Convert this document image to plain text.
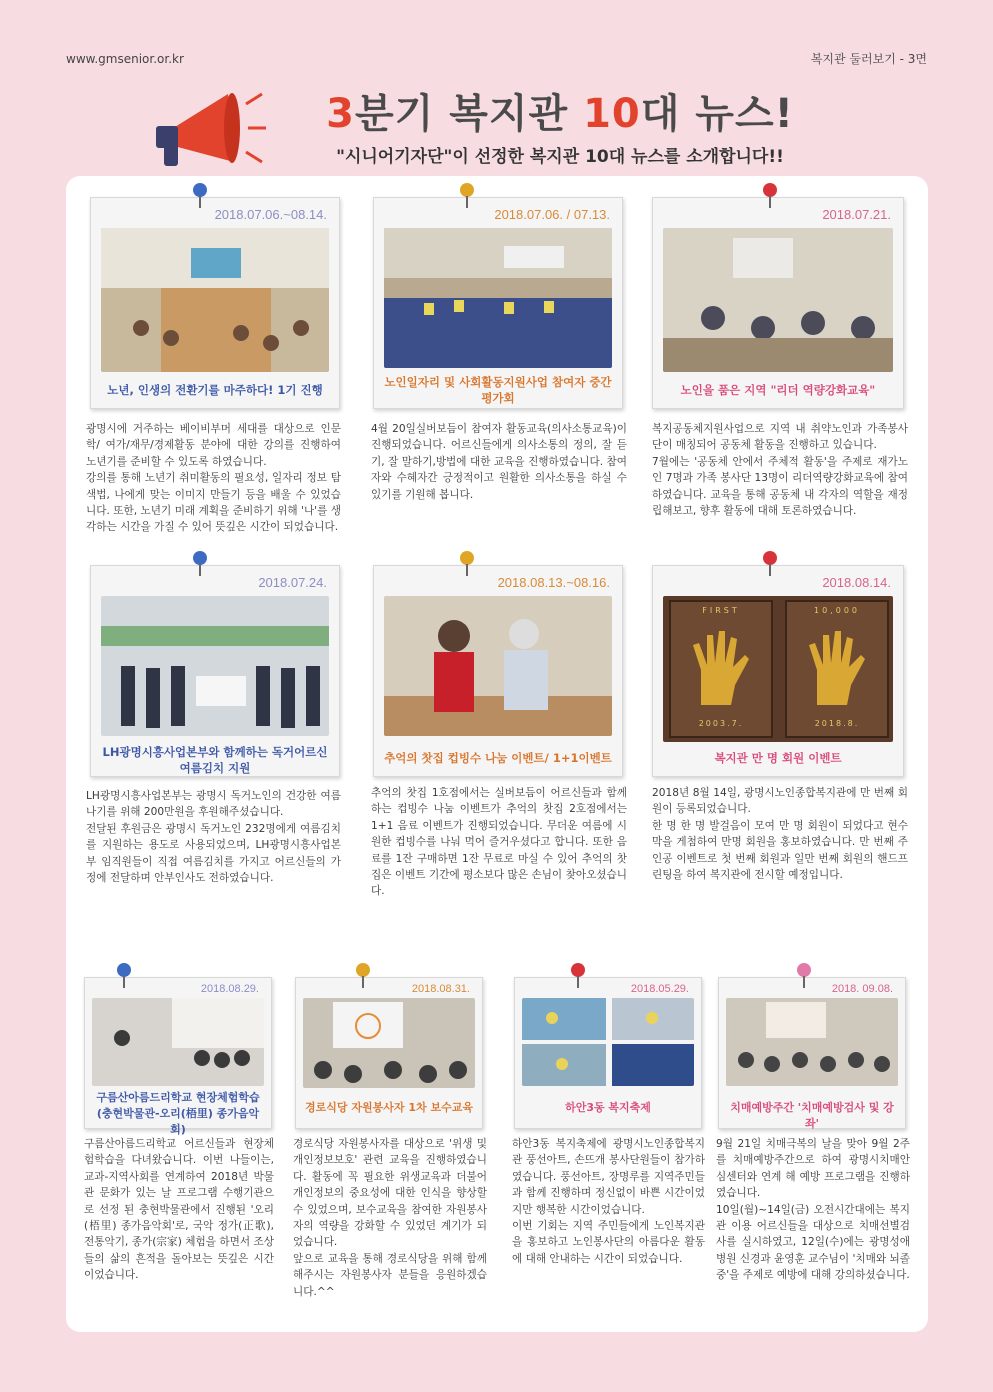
www.gmsenior.or.kr	복지관 둘러보기 - 3면
3분기 복지관 10대 뉴스!
"시니어기자단"이 선정한 복지관 10대 뉴스를 소개합니다!!
2018.07.06.~08.14.
노년, 인생의 전환기를 마주하다! 1기 진행
광명시에 거주하는 베이비부머 세대를 대상으로 인문학/ 여가/재무/경제활동 분야에 대한 강의를 진행하여 노년기를 준비할 수 있도록 하였습니다.
강의를 통해 노년기 취미활동의 필요성, 일자리 정보 탐색법, 나에게 맞는 이미지 만들기 등을 배울 수 있었습니다. 또한, 노년기 미래 계획을 준비하기 위해 '나'를 생각하는 시간을 가질 수 있어 뜻깊은 시간이 되었습니다.
2018.07.06. / 07.13.
노인일자리 및 사회활동지원사업 참여자 중간평가회
4월 20일실버보듬이 참여자 활동교육(의사소통교육)이 진행되었습니다. 어르신들에게 의사소통의 정의, 잘 듣기, 잘 말하기,방법에 대한 교육을 진행하였습니다. 참여자와 수혜자간 긍정적이고 원활한 의사소통을 하실 수 있기를 기원해 봅니다.
2018.07.21.
노인을 품은 지역 "리더 역량강화교육"
복지공동체지원사업으로 지역 내 취약노인과 가족봉사단이 매칭되어 공동체 활동을 진행하고 있습니다.
7월에는 '공동체 안에서 주체적 활동'을 주제로 재가노인 7명과 가족 봉사단 13명이 리더역량강화교육에 참여하였습니다. 교육을 통해 공동체 내 각자의 역할을 재정립해보고, 향후 활동에 대해 토론하였습니다.
2018.07.24.
LH광명시흥사업본부와 함께하는 독거어르신 여름김치 지원
LH광명시흥사업본부는 광명시 독거노인의 건강한 여름나기를 위해 200만원을 후원해주셨습니다.
전달된 후원금은 광명시 독거노인 232명에게 여름김치를 지원하는 용도로 사용되었으며, LH광명시흥사업본부 임직원들이 직접 여름김치를 가지고 어르신들의 가정에 전달하며 안부인사도 전하였습니다.
2018.08.13.~08.16.
추억의 찻집 컵빙수 나눔 이벤트/ 1+1이벤트
추억의 찻집 1호점에서는 실버보듬이 어르신들과 함께 하는 컵빙수 나눔 이벤트가 추억의 찻집 2호점에서는 1+1 음료 이벤트가 진행되었습니다. 무더운 여름에 시원한 컵빙수를 나눠 먹어 즐거우셨다고 합니다. 또한 음료를 1잔 구매하면 1잔 무료로 마실 수 있어 추억의 찻집은 이벤트 기간에 평소보다 많은 손님이 찾아오셨습니다.
2018.08.14.
FIRST
2003.7.
10,000
2018.8.
복지관 만 명 회원 이벤트
2018년 8월 14일, 광명시노인종합복지관에 만 번째 회원이 등록되었습니다.
한 명 한 명 발걸음이 모여 만 명 회원이 되었다고 현수막을 게첨하여 만명 회원을 홍보하였습니다. 만 번째 주인공 이벤트로 첫 번째 회원과 일만 번째 회원의 핸드프린팅을 하여 복지관에 전시할 예정입니다.
2018.08.29.
구름산아름드리학교 현장체험학습 (충현박물관-오리(梧里) 종가음악회)
구름산아름드리학교 어르신들과 현장체험학습을 다녀왔습니다. 이번 나들이는, 교과-지역사회를 연계하여 2018년 박물관 문화가 있는 날 프로그램 수행기관으로 선정 된 충현박물관에서 진행된 '오리(梧里) 종가음악회'로, 국악 정가(正歌), 전통악기, 종가(宗家) 체험을 하면서 조상들의 삶의 흔적을 돌아보는 뜻깊은 시간이었습니다.
2018.08.31.
경로식당 자원봉사자 1차 보수교육
경로식당 자원봉사자를 대상으로 '위생 및 개인정보보호' 관련 교육을 진행하였습니다. 활동에 꼭 필요한 위생교육과 더불어 개인정보의 중요성에 대한 인식을 향상할 수 있었으며, 보수교육을 참여한 자원봉사자의 역량을 강화할 수 있었던 계기가 되었습니다.
앞으로 교육을 통해 경로식당을 위해 함께 해주시는 자원봉사자 분들을 응원하겠습니다.^^
2018.05.29.
하안3동 복지축제
하안3동 복지축제에 광명시노인종합복지관 풍선아트, 손뜨개 봉사단원들이 참가하였습니다. 풍선아트, 장명루를 지역주민들과 함께 진행하며 정신없이 바쁜 시간이었지만 행복한 시간이었습니다.
이번 기회는 지역 주민들에게 노인복지관을 홍보하고 노인봉사단의 아름다운 활동에 대해 안내하는 시간이 되었습니다.
2018. 09.08.
치매예방주간 '치매예방검사 및 강좌'
9월 21일 치매극복의 날을 맞아 9월 2주를 치매예방주간으로 하여 광명시치매안심센터와 연계 해 예방 프로그램을 진행하였습니다.
10일(월)~14일(금) 오전시간대에는 복지관 이용 어르신들을 대상으로 치매선별검사를 실시하였고, 12일(수)에는 광명성애병원 신경과 윤영훈 교수님이 '치매와 뇌졸중'을 주제로 예방에 대해 강의하셨습니다.
